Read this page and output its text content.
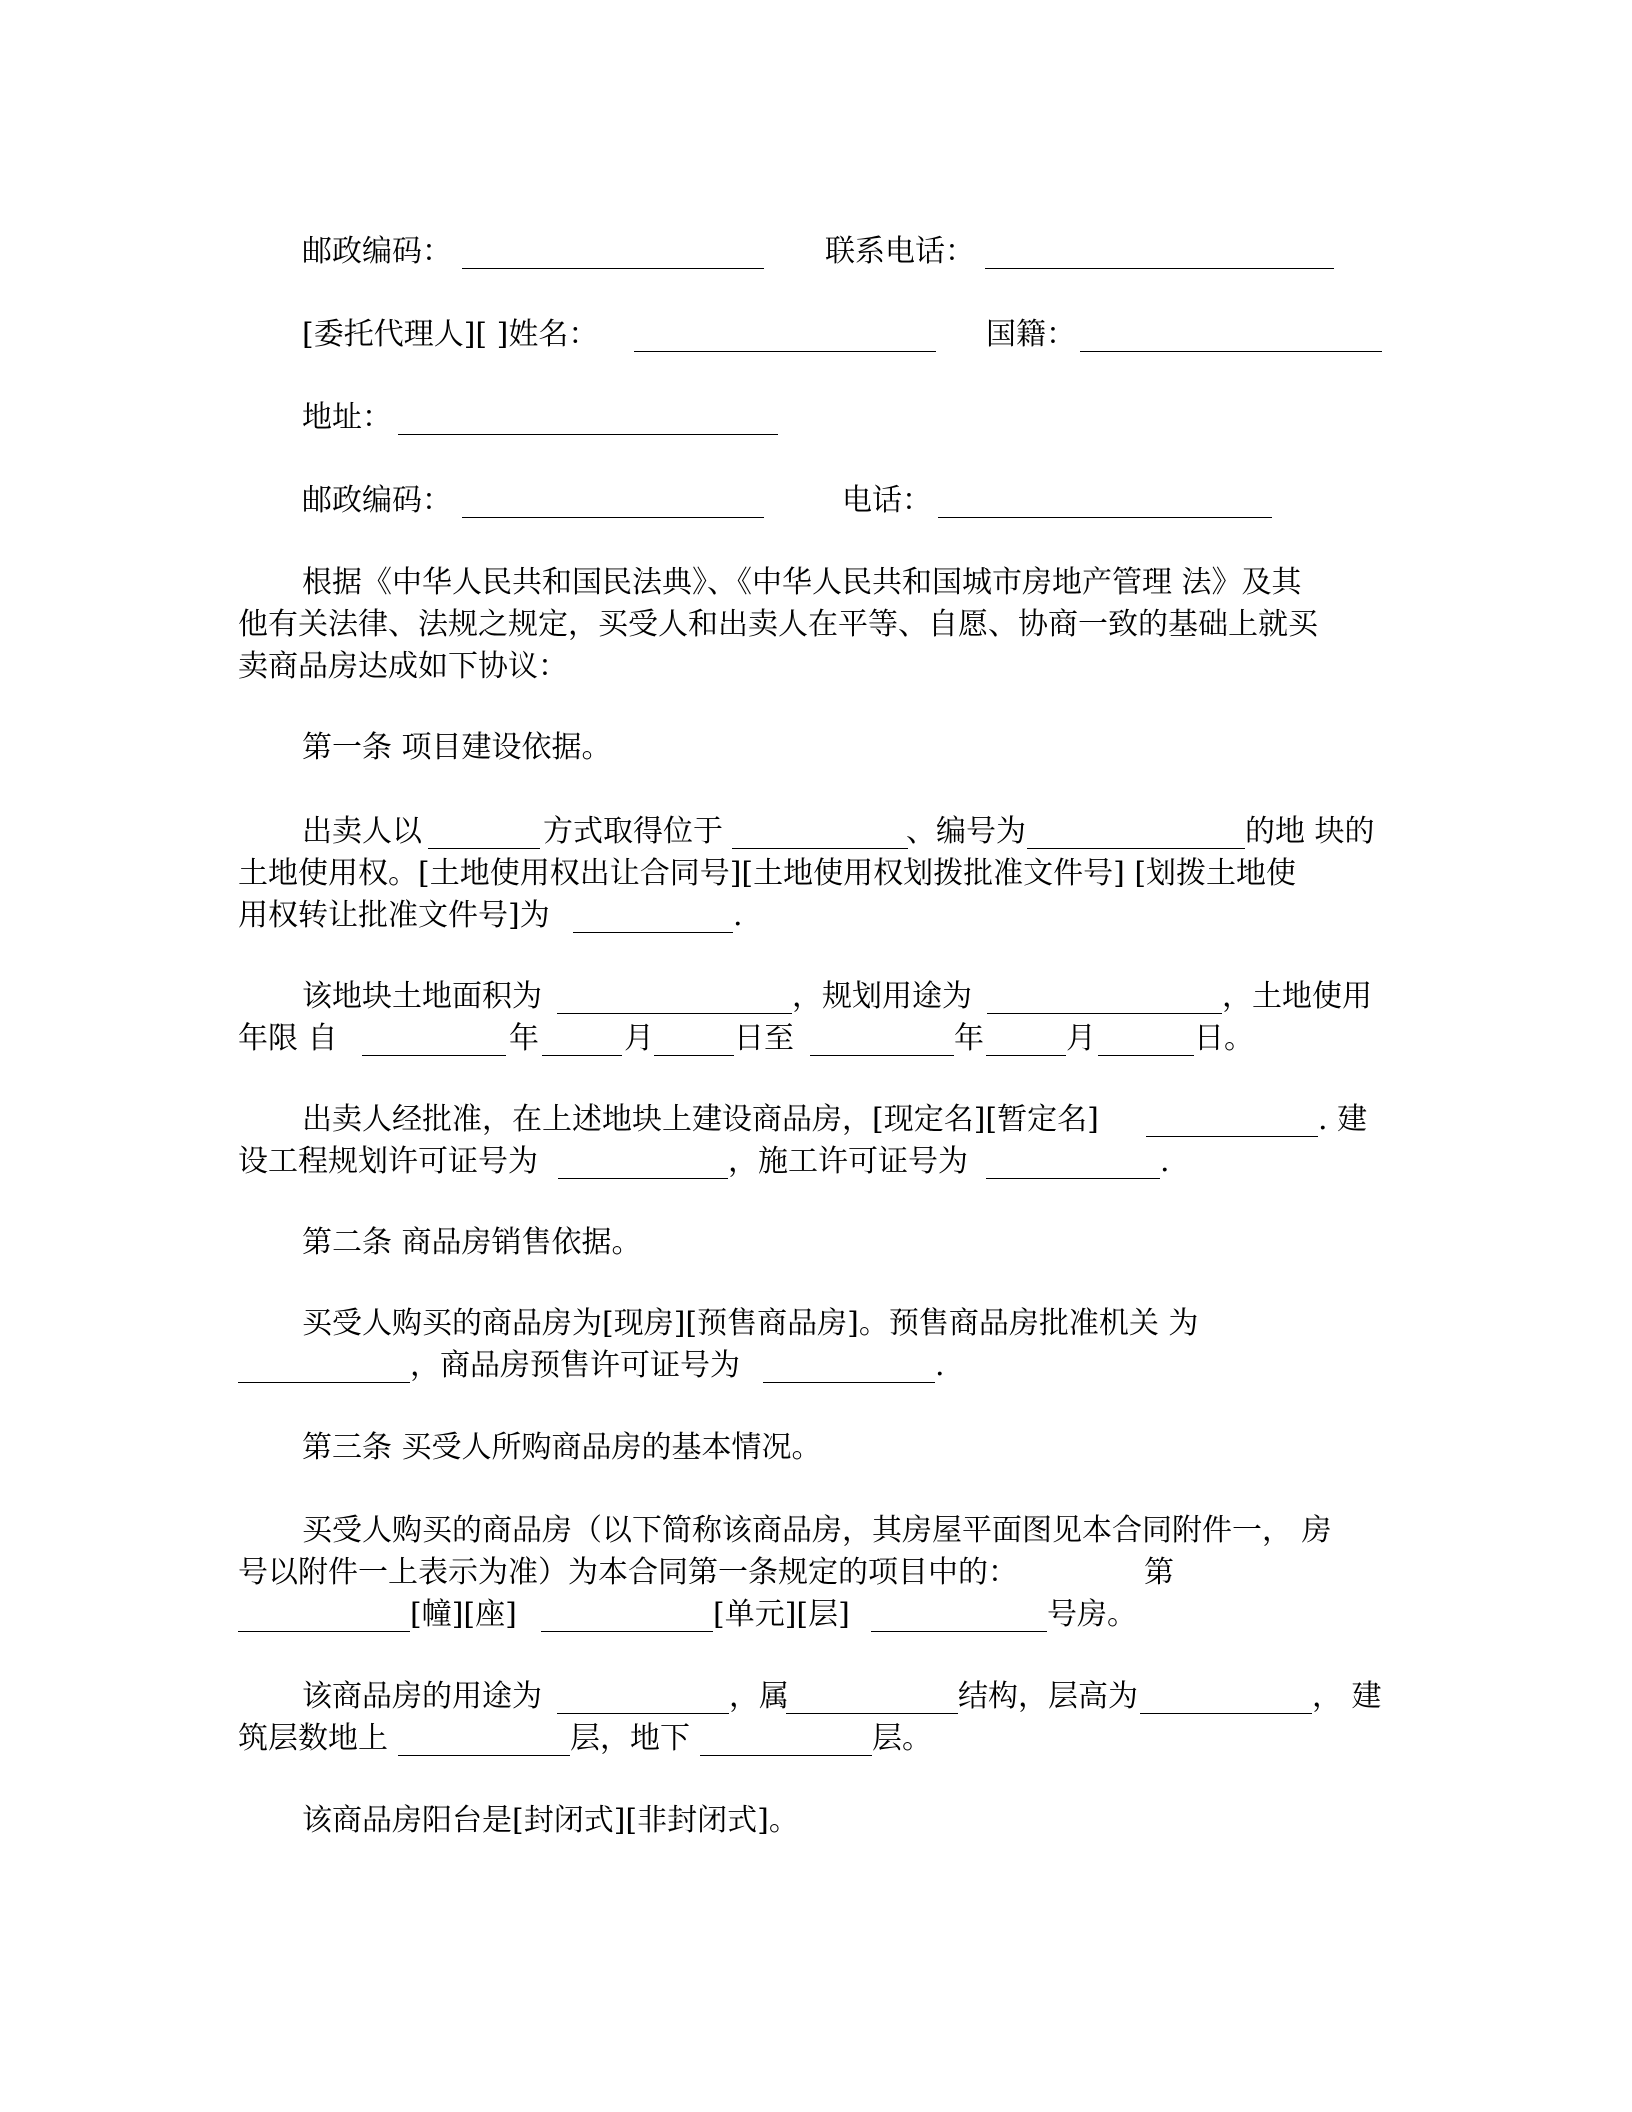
邮政编码：	联系电话：
[委托代理人][ ]姓名：	国籍：
地址：
邮政编码：	电话：
根据《中华人民共和国民法典》、《中华人民共和国城市房地产管理 法》及其
他有关法律、法规之规定，买受人和出卖人在平等、自愿、协商一致的基础上就买
卖商品房达成如下协议：
第一条 项目建设依据。
出卖人以	方式取得位于	、编号为	的地 块的
土地使用权。[土地使用权出让合同号][土地使用权划拨批准文件号] [划拨土地使
用权转让批准文件号]为	.
该地块土地面积为	，规划用途为	，土地使用
年限 自	年	月	日至	年	月	日。
出卖人经批准，在上述地块上建设商品房，[现定名][暂定名]	. 建
设工程规划许可证号为	，施工许可证号为	.
第二条 商品房销售依据。
买受人购买的商品房为[现房][预售商品房]。预售商品房批准机关 为
，商品房预售许可证号为	.
第三条 买受人所购商品房的基本情况。
买受人购买的商品房（以下简称该商品房，其房屋平面图见本合同附件一， 房
号以附件一上表示为准）为本合同第一条规定的项目中的：	第
[幢][座]	[单元][层]	号房。
该商品房的用途为	，属	结构，层高为	， 建
筑层数地上	层，地下	层。
该商品房阳台是[封闭式][非封闭式]。
